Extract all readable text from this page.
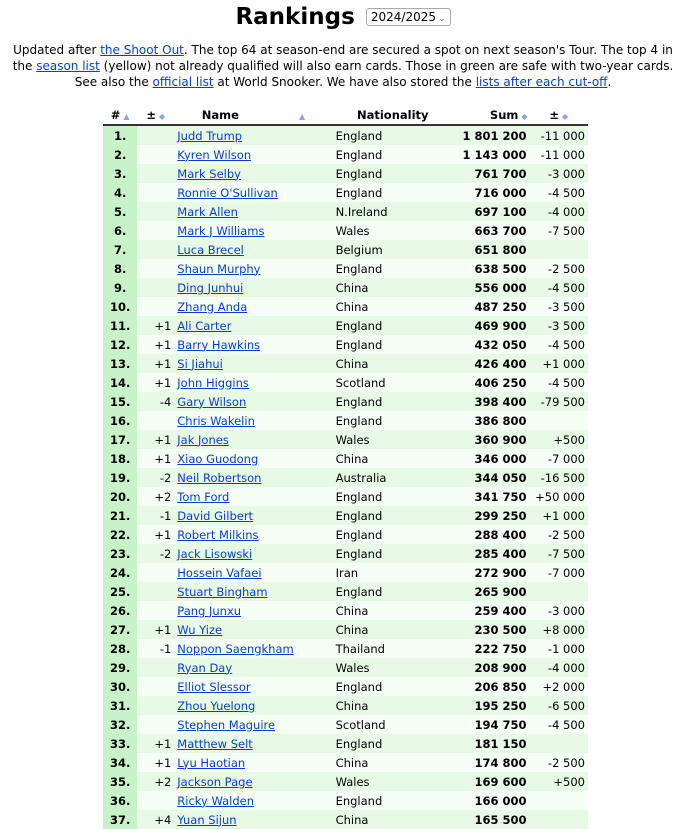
Rankings 2024/2025 ⌄
Updated after the Shoot Out. The top 64 at season-end are secured a spot on next season's Tour. The top 4 in the season list (yellow) not already qualified will also earn cards. Those in green are safe with two-year cards. See also the official list at World Snooker. We have also stored the lists after each cut-off.
# ▲	± ◆	Name ▲	Nationality	Sum ◆	± ◆
1.		Judd Trump	England	1 801 200	-11 000
2.		Kyren Wilson	England	1 143 000	-11 000
3.		Mark Selby	England	761 700	-3 000
4.		Ronnie O'Sullivan	England	716 000	-4 500
5.		Mark Allen	N.Ireland	697 100	-4 000
6.		Mark J Williams	Wales	663 700	-7 500
7.		Luca Brecel	Belgium	651 800	
8.		Shaun Murphy	England	638 500	-2 500
9.		Ding Junhui	China	556 000	-4 500
10.		Zhang Anda	China	487 250	-3 500
11.	+1	Ali Carter	England	469 900	-3 500
12.	+1	Barry Hawkins	England	432 050	-4 500
13.	+1	Si Jiahui	China	426 400	+1 000
14.	+1	John Higgins	Scotland	406 250	-4 500
15.	-4	Gary Wilson	England	398 400	-79 500
16.		Chris Wakelin	England	386 800	
17.	+1	Jak Jones	Wales	360 900	+500
18.	+1	Xiao Guodong	China	346 000	-7 000
19.	-2	Neil Robertson	Australia	344 050	-16 500
20.	+2	Tom Ford	England	341 750	+50 000
21.	-1	David Gilbert	England	299 250	+1 000
22.	+1	Robert Milkins	England	288 400	-2 500
23.	-2	Jack Lisowski	England	285 400	-7 500
24.		Hossein Vafaei	Iran	272 900	-7 000
25.		Stuart Bingham	England	265 900	
26.		Pang Junxu	China	259 400	-3 000
27.	+1	Wu Yize	China	230 500	+8 000
28.	-1	Noppon Saengkham	Thailand	222 750	-1 000
29.		Ryan Day	Wales	208 900	-4 000
30.		Elliot Slessor	England	206 850	+2 000
31.		Zhou Yuelong	China	195 250	-6 500
32.		Stephen Maguire	Scotland	194 750	-4 500
33.	+1	Matthew Selt	England	181 150	
34.	+1	Lyu Haotian	China	174 800	-2 500
35.	+2	Jackson Page	Wales	169 600	+500
36.		Ricky Walden	England	166 000	
37.	+4	Yuan Sijun	China	165 500	
